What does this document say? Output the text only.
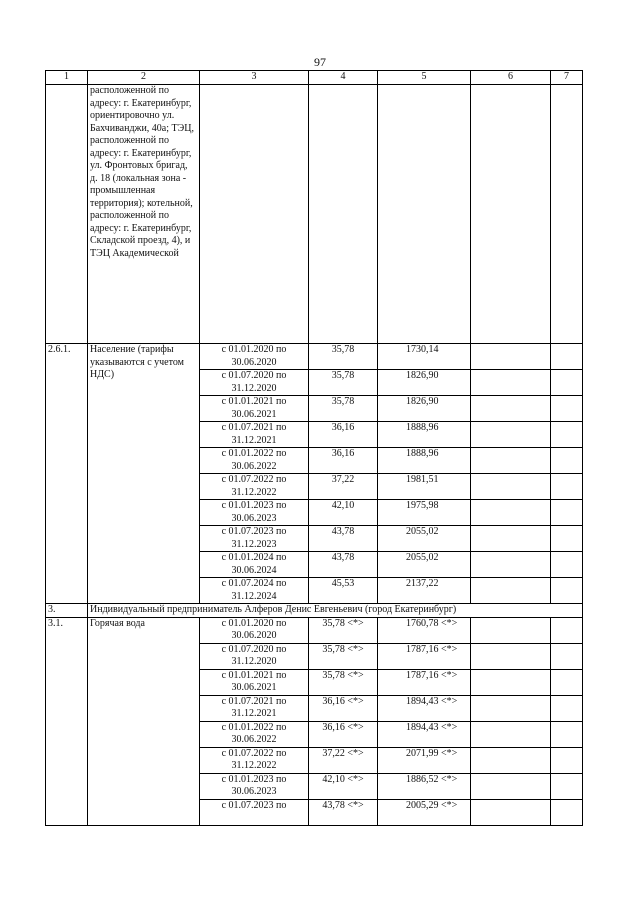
97
1	2	3	4	5	6	7
	расположенной по адресу: г. Екатеринбург, ориентировочно ул. Бахчиванджи, 40а; ТЭЦ, расположенной по адресу: г. Екатеринбург, ул. Фронтовых бригад, д. 18 (локальная зона - промышленная территория); котельной, расположенной по адресу: г. Екатеринбург, Складской проезд, 4), и ТЭЦ Академической					
2.6.1.	Население (тарифы указываются с учетом НДС)	с 01.01.2020 по 30.06.2020	35,78	1730,14		
		с 01.07.2020 по 31.12.2020	35,78	1826,90		
		с 01.01.2021 по 30.06.2021	35,78	1826,90		
		с 01.07.2021 по 31.12.2021	36,16	1888,96		
		с 01.01.2022 по 30.06.2022	36,16	1888,96		
		с 01.07.2022 по 31.12.2022	37,22	1981,51		
		с 01.01.2023 по 30.06.2023	42,10	1975,98		
		с 01.07.2023 по 31.12.2023	43,78	2055,02		
		с 01.01.2024 по 30.06.2024	43,78	2055,02		
		с 01.07.2024 по 31.12.2024	45,53	2137,22		
3.	Индивидуальный предприниматель Алферов Денис Евгеньевич (город Екатеринбург)					
3.1.	Горячая вода	с 01.01.2020 по 30.06.2020	35,78 <*>	1760,78 <*>		
		с 01.07.2020 по 31.12.2020	35,78 <*>	1787,16 <*>		
		с 01.01.2021 по 30.06.2021	35,78 <*>	1787,16 <*>		
		с 01.07.2021 по 31.12.2021	36,16 <*>	1894,43 <*>		
		с 01.01.2022 по 30.06.2022	36,16 <*>	1894,43 <*>		
		с 01.07.2022 по 31.12.2022	37,22 <*>	2071,99 <*>		
		с 01.01.2023 по 30.06.2023	42,10 <*>	1886,52 <*>		
		с 01.07.2023 по	43,78 <*>	2005,29 <*>		
